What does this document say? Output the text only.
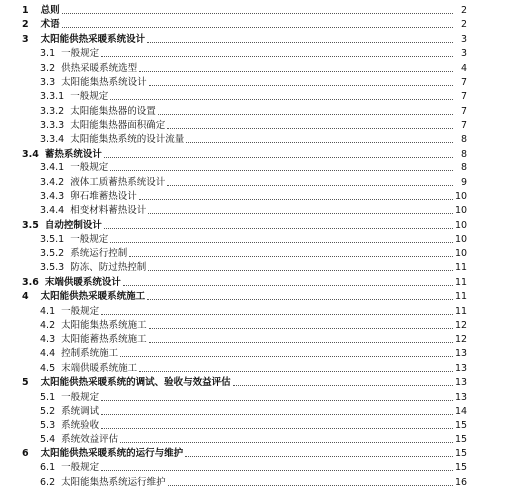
1 总则	2
2 术语	2
3 太阳能供热采暖系统设计	3
3.1 一般规定	3
3.2 供热采暖系统选型	4
3.3 太阳能集热系统设计	7
3.3.1 一般规定	7
3.3.2 太阳能集热器的设置	7
3.3.3 太阳能集热器面积确定	7
3.3.4 太阳能集热系统的设计流量	8
3.4 蓄热系统设计	8
3.4.1 一般规定	8
3.4.2 液体工质蓄热系统设计	9
3.4.3 卵石堆蓄热设计	10
3.4.4 相变材料蓄热设计	10
3.5 自动控制设计	10
3.5.1 一般规定	10
3.5.2 系统运行控制	10
3.5.3 防冻、防过热控制	11
3.6 末端供暖系统设计	11
4 太阳能供热采暖系统施工	11
4.1 一般规定	11
4.2 太阳能集热系统施工	12
4.3 太阳能蓄热系统施工	12
4.4 控制系统施工	13
4.5 末端供暖系统施工	13
5 太阳能供热采暖系统的调试、验收与效益评估	13
5.1 一般规定	13
5.2 系统调试	14
5.3 系统验收	15
5.4 系统效益评估	15
6 太阳能供热采暖系统的运行与维护	15
6.1 一般规定	15
6.2 太阳能集热系统运行维护	16
